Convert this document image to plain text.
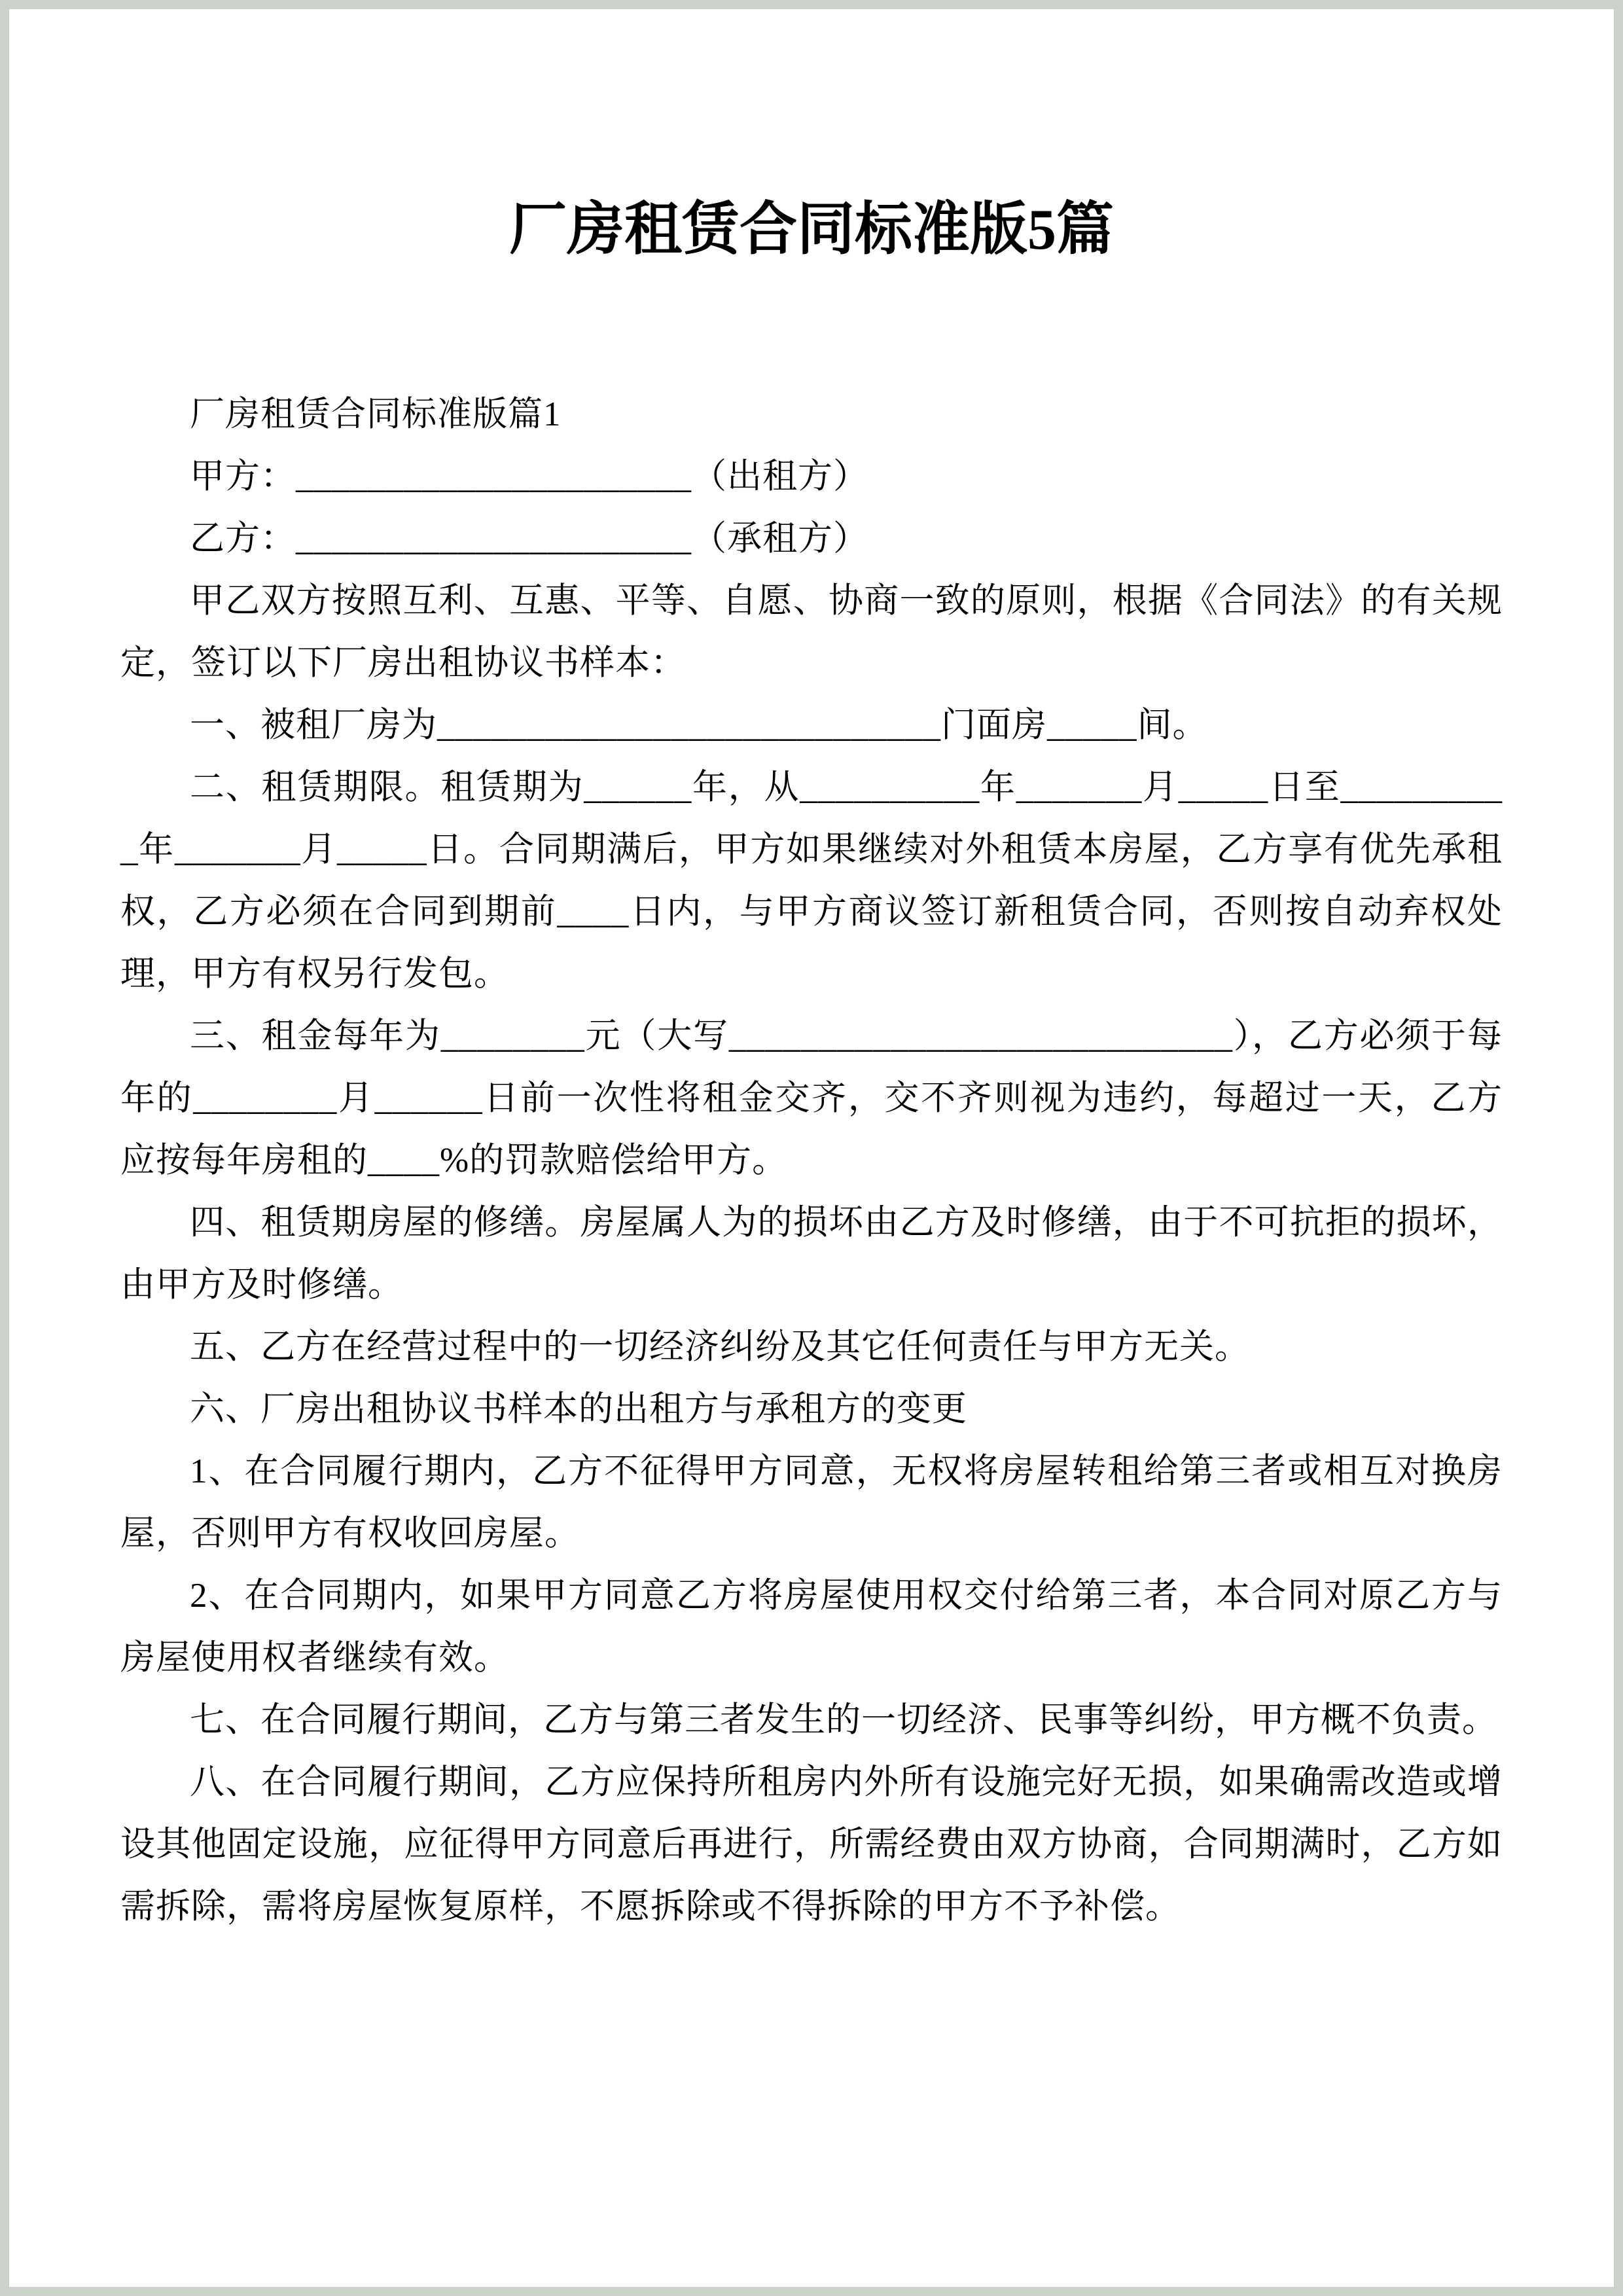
厂房租赁合同标准版5篇

厂房租赁合同标准版篇1

甲方：______________________（出租方）

乙方：______________________（承租方）

甲乙双方按照互利、互惠、平等、自愿、协商一致的原则，根据《合同法》的有关规定，签订以下厂房出租协议书样本：

一、被租厂房为____________________________门面房_____间。

二、租赁期限。租赁期为______年，从__________年_______月_____日至__________年_______月_____日。合同期满后，甲方如果继续对外租赁本房屋，乙方享有优先承租权，乙方必须在合同到期前____日内，与甲方商议签订新租赁合同，否则按自动弃权处理，甲方有权另行发包。

三、租金每年为________元（大写____________________________），乙方必须于每年的________月______日前一次性将租金交齐，交不齐则视为违约，每超过一天，乙方应按每年房租的____%的罚款赔偿给甲方。

四、租赁期房屋的修缮。房屋属人为的损坏由乙方及时修缮，由于不可抗拒的损坏，由甲方及时修缮。

五、乙方在经营过程中的一切经济纠纷及其它任何责任与甲方无关。

六、厂房出租协议书样本的出租方与承租方的变更

1、在合同履行期内，乙方不征得甲方同意，无权将房屋转租给第三者或相互对换房屋，否则甲方有权收回房屋。

2、在合同期内，如果甲方同意乙方将房屋使用权交付给第三者，本合同对原乙方与房屋使用权者继续有效。

七、在合同履行期间，乙方与第三者发生的一切经济、民事等纠纷，甲方概不负责。

八、在合同履行期间，乙方应保持所租房内外所有设施完好无损，如果确需改造或增设其他固定设施，应征得甲方同意后再进行，所需经费由双方协商，合同期满时，乙方如需拆除，需将房屋恢复原样，不愿拆除或不得拆除的甲方不予补偿。
